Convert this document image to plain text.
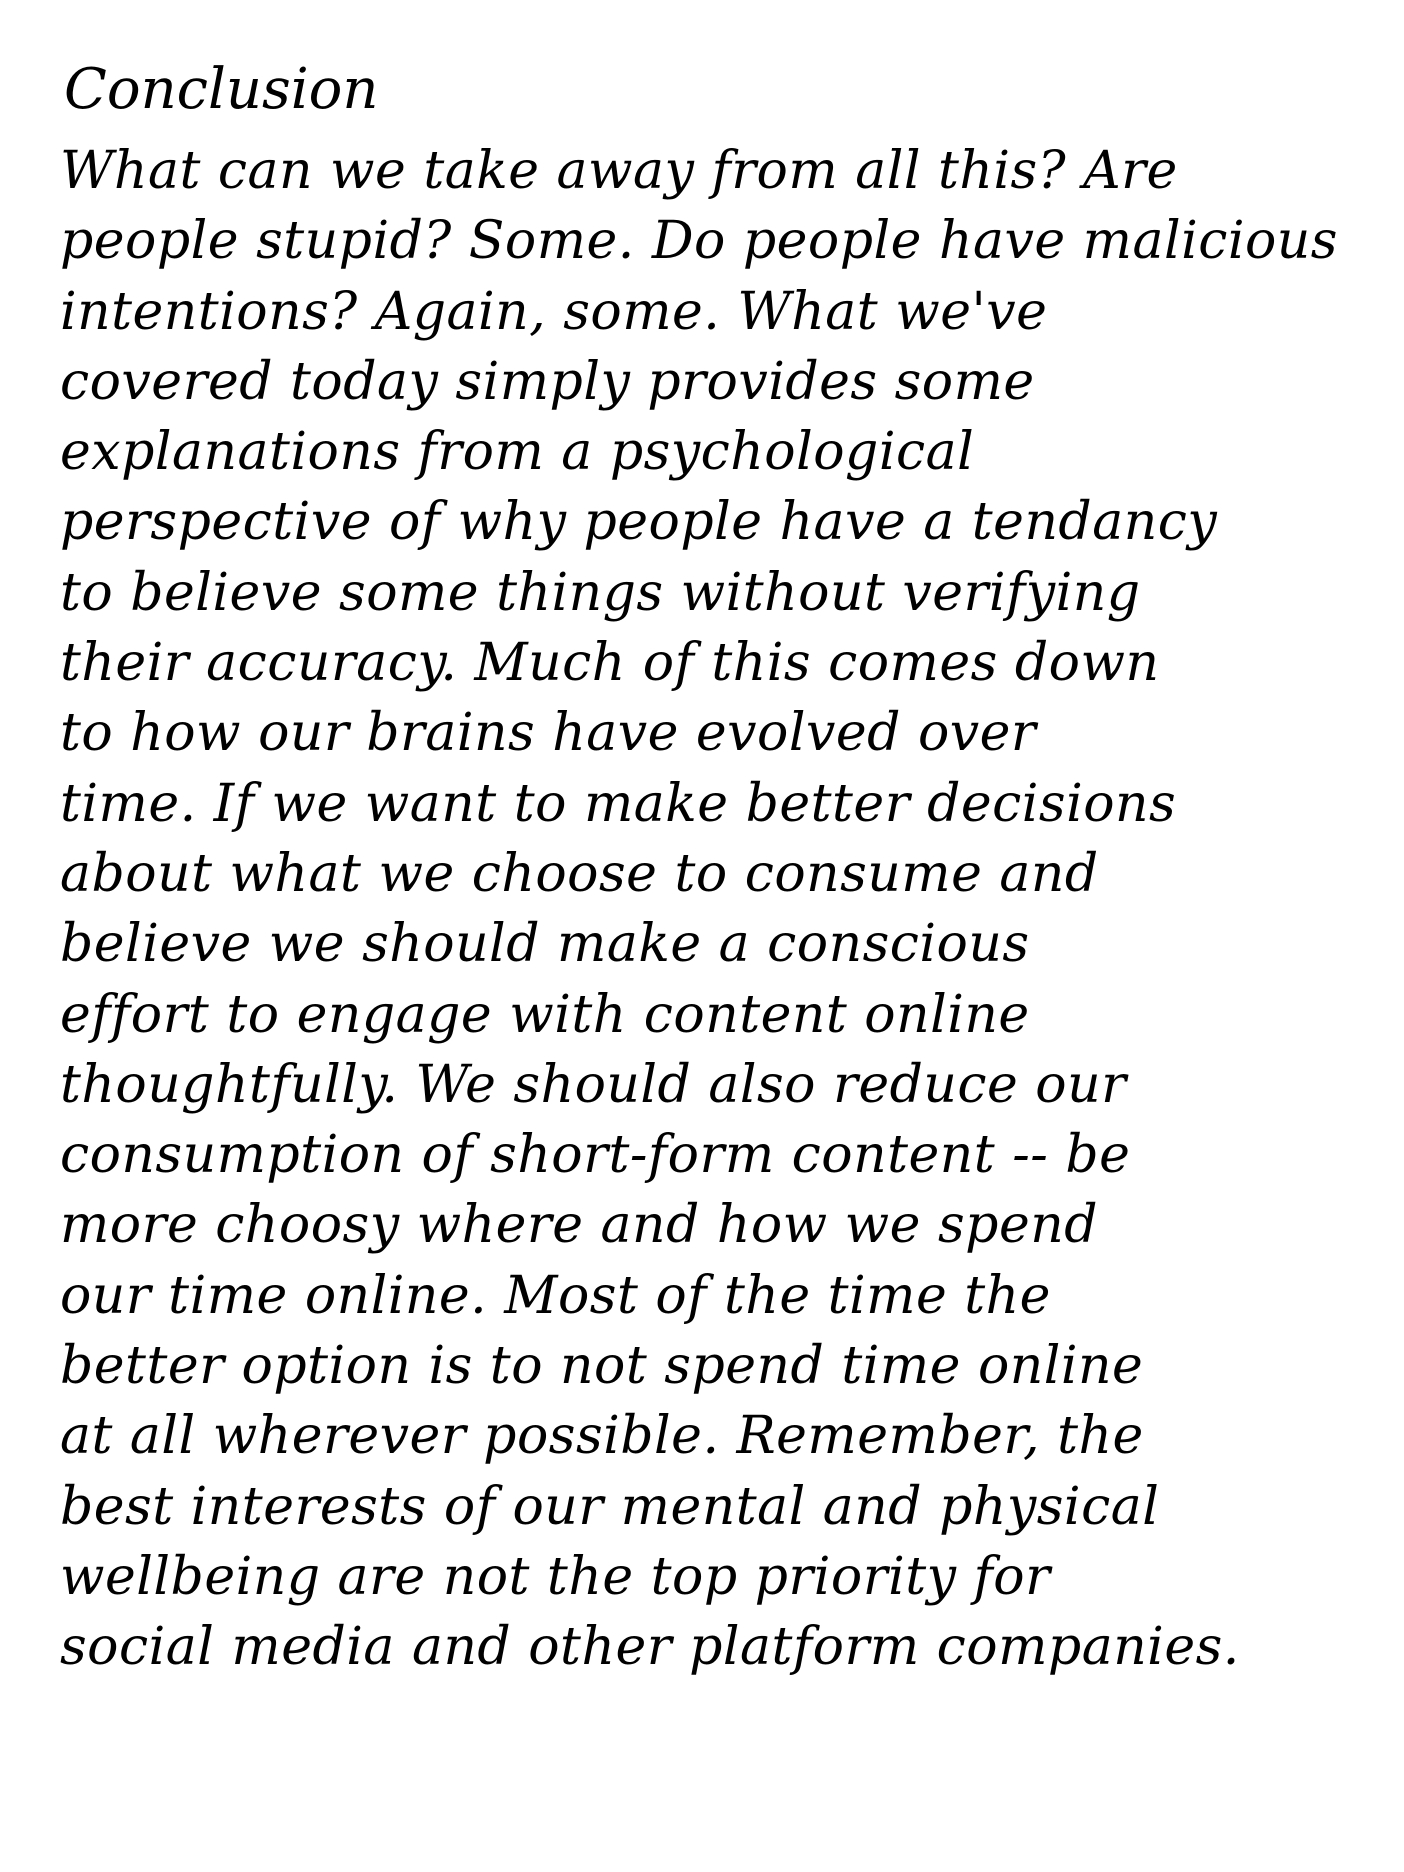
Conclusion
What can we take away from all this? Are
people stupid? Some. Do people have malicious
intentions? Again, some. What we've
covered today simply provides some
explanations from a psychological
perspective of why people have a tendancy
to believe some things without verifying
their accuracy. Much of this comes down
to how our brains have evolved over
time. If we want to make better decisions
about what we choose to consume and
believe we should make a conscious
effort to engage with content online
thoughtfully. We should also reduce our
consumption of short-form content -- be
more choosy where and how we spend
our time online. Most of the time the
better option is to not spend time online
at all wherever possible. Remember, the
best interests of our mental and physical
wellbeing are not the top priority for
social media and other platform companies.
